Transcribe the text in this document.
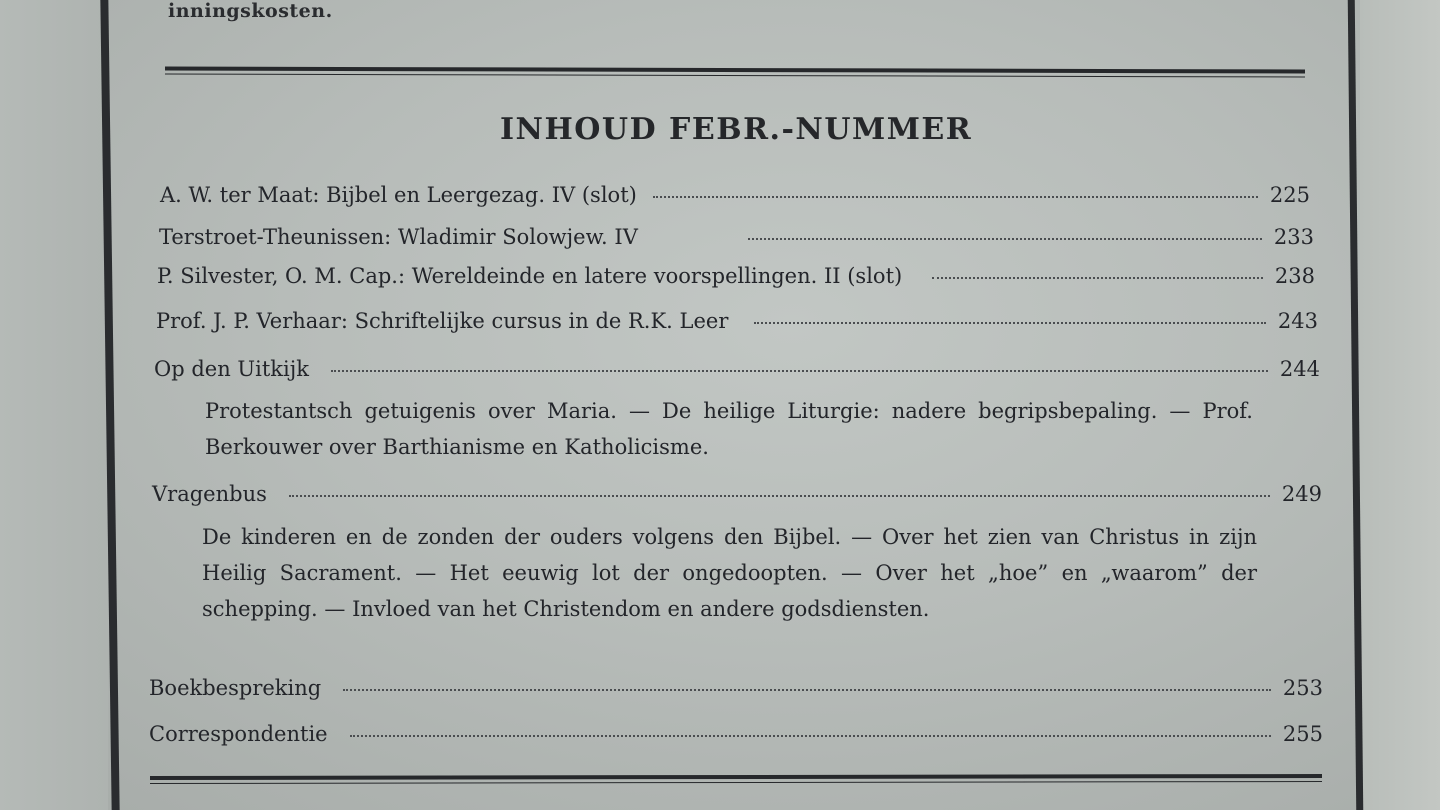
inningskosten.
INHOUD FEBR.-NUMMER
A. W. ter Maat: Bijbel en Leergezag. IV (slot)	225
Terstroet-Theunissen: Wladimir Solowjew. IV	233
P. Silvester, O. M. Cap.: Wereldeinde en latere voorspellingen. II (slot)	238
Prof. J. P. Verhaar: Schriftelijke cursus in de R.K. Leer	243
Op den Uitkijk	244
Protestantsch getuigenis over Maria. — De heilige Liturgie: nadere begripsbepaling. — Prof. Berkouwer over Barthianisme en Katholicisme.
Vragenbus	249
De kinderen en de zonden der ouders volgens den Bijbel. — Over het zien van Christus in zijn Heilig Sacrament. — Het eeuwig lot der ongedoopten. — Over het „hoe” en „waarom” der schepping. — Invloed van het Christendom en andere godsdiensten.
Boekbespreking	253
Correspondentie	255
